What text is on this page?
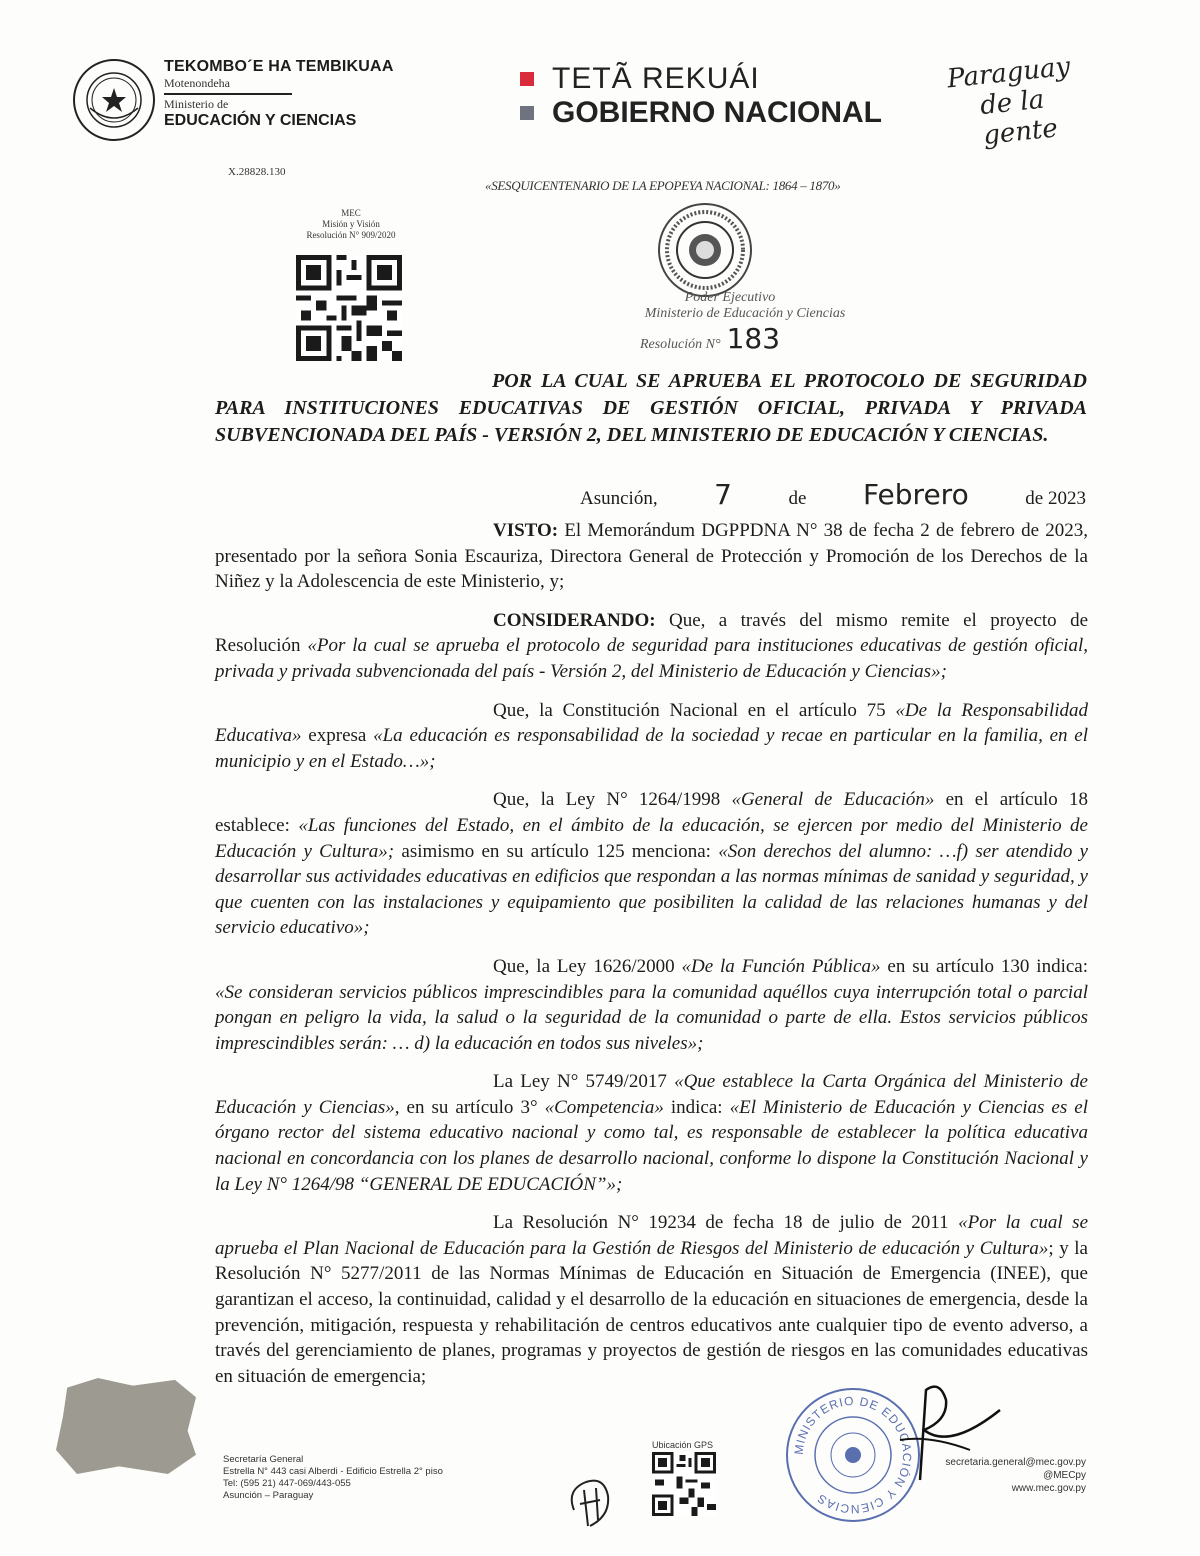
TEKOMBO´E HA TEMBIKUAA
Motenondeha
Ministerio de
EDUCACIÓN Y CIENCIAS
TETÃ REKUÁI
GOBIERNO NACIONAL
Paraguay
de la gente
X.28828.130
«SESQUICENTENARIO DE LA EPOPEYA NACIONAL: 1864 – 1870»
MEC
Misión y Visión
Resolución N° 909/2020
Poder Ejecutivo
Ministerio de Educación y Ciencias
Resolución N° 183
POR LA CUAL SE APRUEBA EL PROTOCOLO DE SEGURIDAD PARA INSTITUCIONES EDUCATIVAS DE GESTIÓN OFICIAL, PRIVADA Y PRIVADA SUBVENCIONADA DEL PAÍS - VERSIÓN 2, DEL MINISTERIO DE EDUCACIÓN Y CIENCIAS.
Asunción, 7	de Febrero	de 2023

VISTO: El Memorándum DGPPDNA N° 38 de fecha 2 de febrero de 2023, presentado por la señora Sonia Escauriza, Directora General de Protección y Promoción de los Derechos de la Niñez y la Adolescencia de este Ministerio, y;

CONSIDERANDO: Que, a través del mismo remite el proyecto de Resolución «Por la cual se aprueba el protocolo de seguridad para instituciones educativas de gestión oficial, privada y privada subvencionada del país - Versión 2, del Ministerio de Educación y Ciencias»;

Que, la Constitución Nacional en el artículo 75 «De la Responsabilidad Educativa» expresa «La educación es responsabilidad de la sociedad y recae en particular en la familia, en el municipio y en el Estado…»;

Que, la Ley N° 1264/1998 «General de Educación» en el artículo 18 establece: «Las funciones del Estado, en el ámbito de la educación, se ejercen por medio del Ministerio de Educación y Cultura»; asimismo en su artículo 125 menciona: «Son derechos del alumno: …f) ser atendido y desarrollar sus actividades educativas en edificios que respondan a las normas mínimas de sanidad y seguridad, y que cuenten con las instalaciones y equipamiento que posibiliten la calidad de las relaciones humanas y del servicio educativo»;

Que, la Ley 1626/2000 «De la Función Pública» en su artículo 130 indica: «Se consideran servicios públicos imprescindibles para la comunidad aquéllos cuya interrupción total o parcial pongan en peligro la vida, la salud o la seguridad de la comunidad o parte de ella. Estos servicios públicos imprescindibles serán: … d) la educación en todos sus niveles»;

La Ley N° 5749/2017 «Que establece la Carta Orgánica del Ministerio de Educación y Ciencias», en su artículo 3° «Competencia» indica: «El Ministerio de Educación y Ciencias es el órgano rector del sistema educativo nacional y como tal, es responsable de establecer la política educativa nacional en concordancia con los planes de desarrollo nacional, conforme lo dispone la Constitución Nacional y la Ley N° 1264/98 “GENERAL DE EDUCACIÓN”»;

La Resolución N° 19234 de fecha 18 de julio de 2011 «Por la cual se aprueba el Plan Nacional de Educación para la Gestión de Riesgos del Ministerio de educación y Cultura»; y la Resolución N° 5277/2011 de las Normas Mínimas de Educación en Situación de Emergencia (INEE), que garantizan el acceso, la continuidad, calidad y el desarrollo de la educación en situaciones de emergencia, desde la prevención, mitigación, respuesta y rehabilitación de centros educativos ante cualquier tipo de evento adverso, a través del gerenciamiento de planes, programas y proyectos de gestión de riesgos en las comunidades educativas en situación de emergencia;

Secretaría General
Estrella N° 443 casi Alberdi - Edificio Estrella 2° piso
Tel: (595 21) 447-069/443-055
Asunción – Paraguay
Ubicación GPS	MINISTERIO DE EDUCACIÓN Y CIENCIAS
secretaria.general@mec.gov.py
@MECpy
www.mec.gov.py
